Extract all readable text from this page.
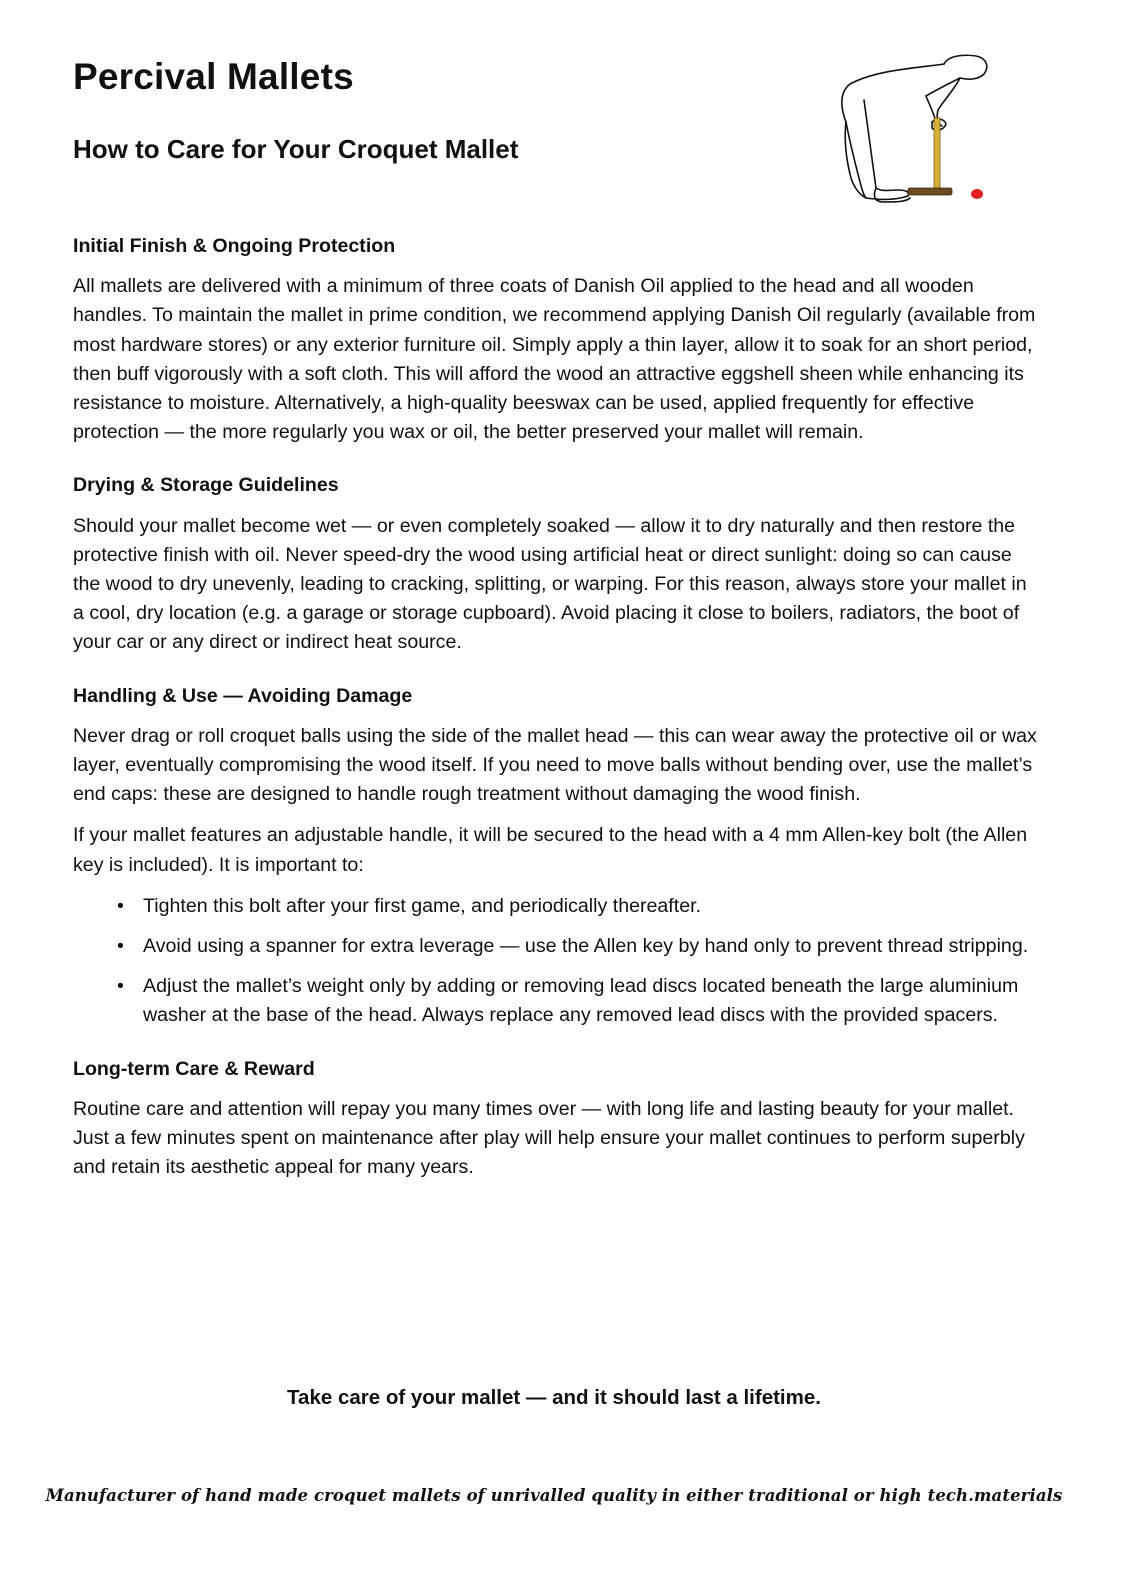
Percival Mallets
How to Care for Your Croquet Mallet
Initial Finish & Ongoing Protection

All mallets are delivered with a minimum of three coats of Danish Oil applied to the head and all wooden handles. To maintain the mallet in prime condition, we recommend applying Danish Oil regularly (available from most hardware stores) or any exterior furniture oil. Simply apply a thin layer, allow it to soak for an short period, then buff vigorously with a soft cloth. This will afford the wood an attractive eggshell sheen while enhancing its resistance to moisture. Alternatively, a high-quality beeswax can be used, applied frequently for effective protection — the more regularly you wax or oil, the better preserved your mallet will remain.

Drying & Storage Guidelines

Should your mallet become wet — or even completely soaked — allow it to dry naturally and then restore the protective finish with oil. Never speed-dry the wood using artificial heat or direct sunlight: doing so can cause the wood to dry unevenly, leading to cracking, splitting, or warping. For this reason, always store your mallet in a cool, dry location (e.g. a garage or storage cupboard). Avoid placing it close to boilers, radiators, the boot of your car or any direct or indirect heat source.

Handling & Use — Avoiding Damage

Never drag or roll croquet balls using the side of the mallet head — this can wear away the protective oil or wax layer, eventually compromising the wood itself. If you need to move balls without bending over, use the mallet’s end caps: these are designed to handle rough treatment without damaging the wood finish.

If your mallet features an adjustable handle, it will be secured to the head with a 4 mm Allen-key bolt (the Allen key is included). It is important to:

• Tighten this bolt after your first game, and periodically thereafter.
• Avoid using a spanner for extra leverage — use the Allen key by hand only to prevent thread stripping.
• Adjust the mallet’s weight only by adding or removing lead discs located beneath the large aluminium washer at the base of the head. Always replace any removed lead discs with the provided spacers.
Long-term Care & Reward

Routine care and attention will repay you many times over — with long life and lasting beauty for your mallet. Just a few minutes spent on maintenance after play will help ensure your mallet continues to perform superbly and retain its aesthetic appeal for many years.

Take care of your mallet — and it should last a lifetime.
Manufacturer of hand made croquet mallets of unrivalled quality in either traditional or high tech.materials
